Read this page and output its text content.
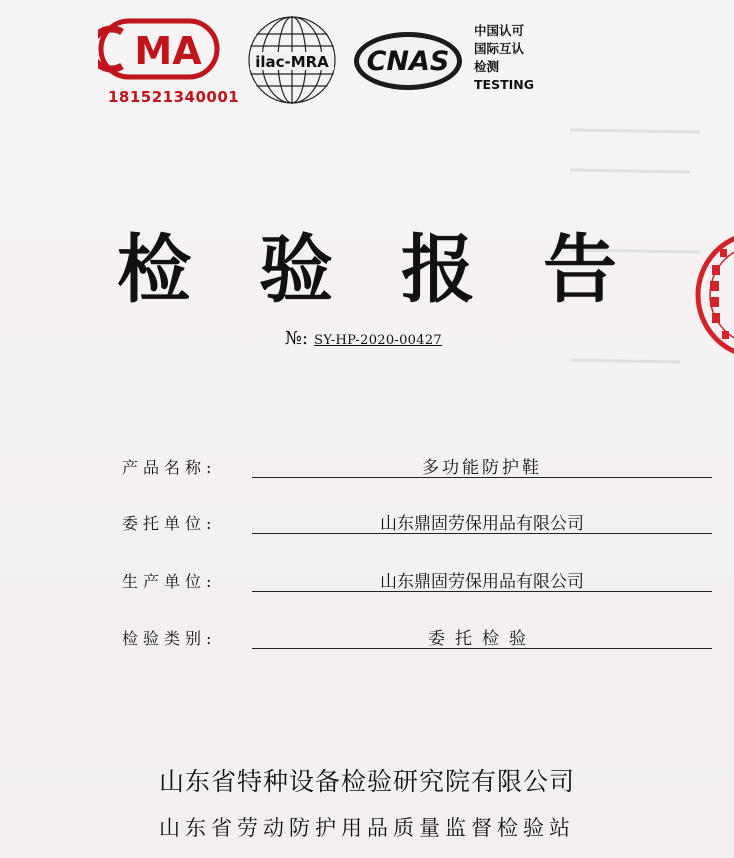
MA
181521340001
ilac-MRA CNAS
中国认可
国际互认
检测
TESTING
检 验 报 告
№: SY-HP-2020-00427
产品名称:	多功能防护鞋
委托单位:	山东鼎固劳保用品有限公司
生产单位:	山东鼎固劳保用品有限公司
检验类别:	委托检验
山东省特种设备检验研究院有限公司
山东省劳动防护用品质量监督检验站
